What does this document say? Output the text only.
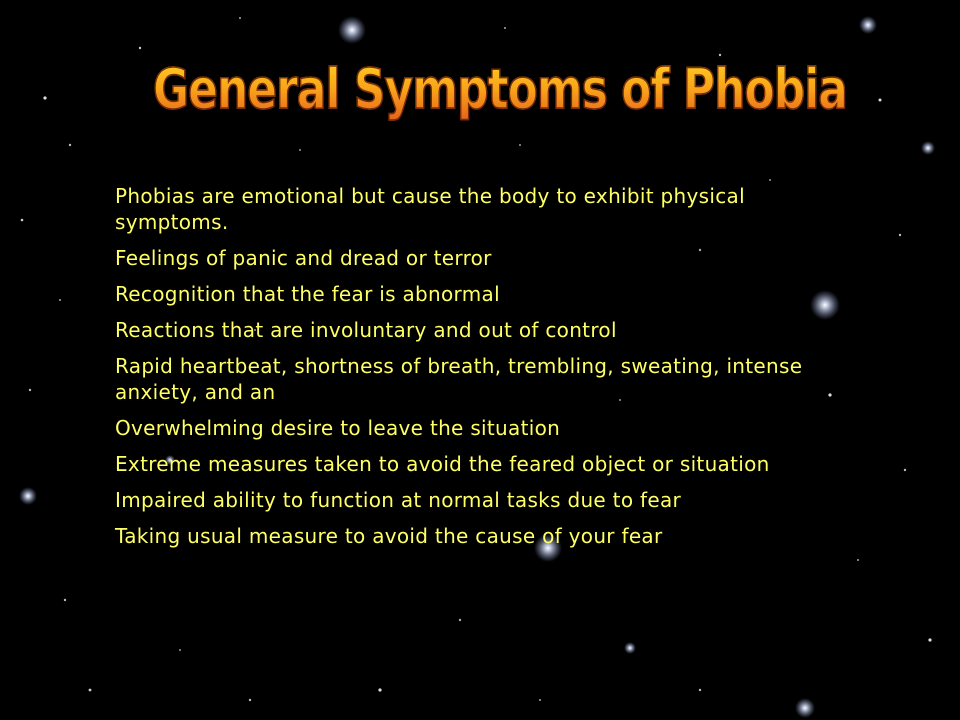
General Symptoms of Phobia
Phobias are emotional but cause the body to exhibit physical symptoms.
Feelings of panic and dread or terror
Recognition that the fear is abnormal
Reactions that are involuntary and out of control
Rapid heartbeat, shortness of breath, trembling, sweating, intense anxiety, and an
Overwhelming desire to leave the situation
Extreme measures taken to avoid the feared object or situation
Impaired ability to function at normal tasks due to fear
Taking usual measure to avoid the cause of your fear
